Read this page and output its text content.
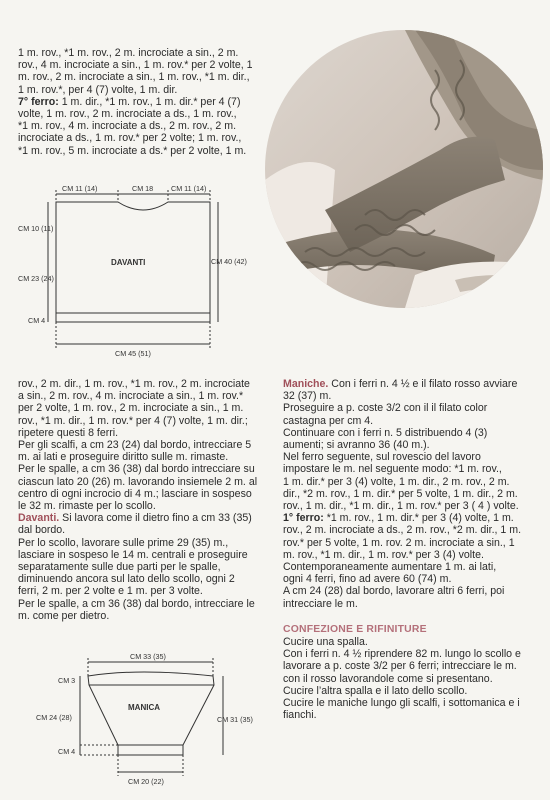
1 m. rov., *1 m. rov., 2 m. incrociate a sin., 2 m.

rov., 4 m. incrociate a sin., 1 m. rov.* per 2 volte, 1

m. rov., 2 m. incrociate a sin., 1 m. rov., *1 m. dir.,

1 m. rov.*, per 4 (7) volte, 1 m. dir.

7° ferro: 1 m. dir., *1 m. rov., 1 m. dir.* per 4 (7)

volte, 1 m. rov., 2 m. incrociate a ds., 1 m. rov.,

*1 m. rov., 4 m. incrociate a ds., 2 m. rov., 2 m.

incrociate a ds., 1 m. rov.* per 2 volte; 1 m. rov.,

*1 m. rov., 5 m. incrociate a ds.* per 2 volte, 1 m.

CM 11 (14)	CM 18 CM 11 (14)
CM 10 (11)
CM 23 (24)
CM 4
CM 40 (42)
DAVANTI
CM 45 (51)

rov., 2 m. dir., 1 m. rov., *1 m. rov., 2 m. incrociate

a sin., 2 m. rov., 4 m. incrociate a sin., 1 m. rov.*

per 2 volte, 1 m. rov., 2 m. incrociate a sin., 1 m.

rov., *1 m. dir., 1 m. rov.* per 4 (7) volte, 1 m. dir.;

ripetere questi 8 ferri.

Per gli scalfi, a cm 23 (24) dal bordo, intrecciare 5

m. ai lati e proseguire diritto sulle m. rimaste.

Per le spalle, a cm 36 (38) dal bordo intrecciare su

ciascun lato 20 (26) m. lavorando insiemele 2 m. al

centro di ogni incrocio di 4 m.; lasciare in sospeso

le 32 m. rimaste per lo scollo.

Davanti. Si lavora come il dietro fino a cm 33 (35)

dal bordo.

Per lo scollo, lavorare sulle prime 29 (35) m.,

lasciare in sospeso le 14 m. centrali e proseguire

separatamente sulle due parti per le spalle,

diminuendo ancora sul lato dello scollo, ogni 2

ferri, 2 m. per 2 volte e 1 m. per 3 volte.

Per le spalle, a cm 36 (38) dal bordo, intrecciare le

m. come per dietro.

CM 33 (35)
CM 3
CM 24 (28)
CM 4
CM 31 (35)
MANICA
CM 20 (22)

Maniche. Con i ferri n. 4 ½ e il filato rosso avviare

32 (37) m.

Proseguire a p. coste 3/2 con il il filato color

castagna per cm 4.

Continuare con i ferri n. 5 distribuendo 4 (3)

aumenti; si avranno 36 (40 m.).

Nel ferro seguente, sul rovescio del lavoro

impostare le m. nel seguente modo: *1 m. rov.,

1 m. dir.* per 3 (4) volte, 1 m. dir., 2 m. rov., 2 m.

dir., *2 m. rov., 1 m. dir.* per 5 volte, 1 m. dir., 2 m.

rov., 1 m. dir., *1 m. dir., 1 m. rov.* per 3 ( 4 ) volte.

1° ferro: *1 m. rov., 1 m. dir.* per 3 (4) volte, 1 m.

rov., 2 m. incrociate a ds., 2 m. rov., *2 m. dir., 1 m.

rov.* per 5 volte, 1 m. rov. 2 m. incrociate a sin., 1

m. rov., *1 m. dir., 1 m. rov.* per 3 (4) volte.

Contemporaneamente aumentare 1 m. ai lati,

ogni 4 ferri, fino ad avere 60 (74) m.

A cm 24 (28) dal bordo, lavorare altri 6 ferri, poi

intrecciare le m.

CONFEZIONE E RIFINITURE

Cucire una spalla.

Con i ferri n. 4 ½ riprendere 82 m. lungo lo scollo e

lavorare a p. coste 3/2 per 6 ferri; intrecciare le m.

con il rosso lavorandole come si presentano.

Cucire l’altra spalla e il lato dello scollo.

Cucire le maniche lungo gli scalfi, i sottomanica e i

fianchi.
